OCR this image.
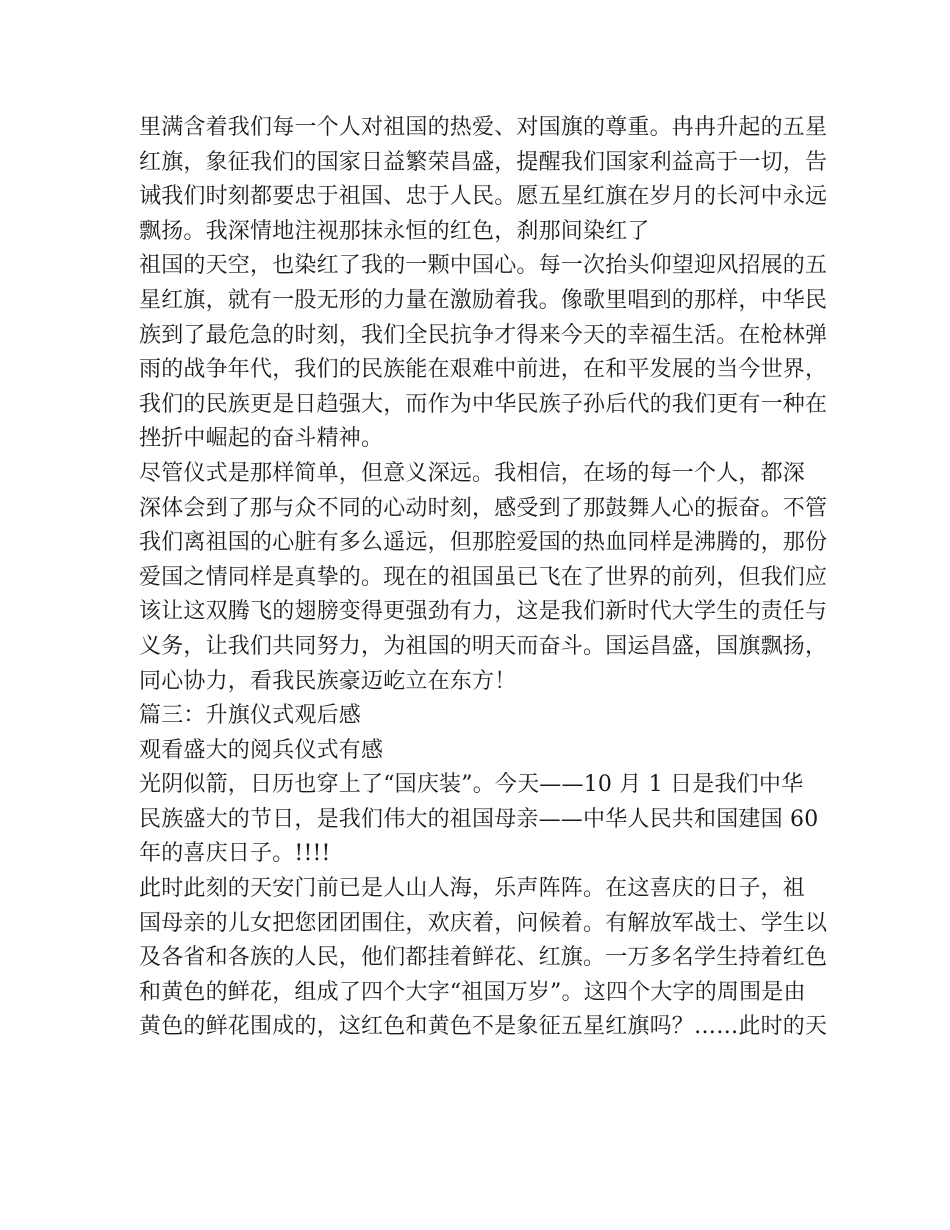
里满含着我们每一个人对祖国的热爱、对国旗的尊重。冉冉升起的五星
红旗，象征我们的国家日益繁荣昌盛，提醒我们国家利益高于一切，告
诫我们时刻都要忠于祖国、忠于人民。愿五星红旗在岁月的长河中永远
飘扬。我深情地注视那抹永恒的红色，刹那间染红了
祖国的天空，也染红了我的一颗中国心。每一次抬头仰望迎风招展的五
星红旗，就有一股无形的力量在激励着我。像歌里唱到的那样，中华民
族到了最危急的时刻，我们全民抗争才得来今天的幸福生活。在枪林弹
雨的战争年代，我们的民族能在艰难中前进，在和平发展的当今世界，
我们的民族更是日趋强大，而作为中华民族子孙后代的我们更有一种在
挫折中崛起的奋斗精神。
尽管仪式是那样简单，但意义深远。我相信，在场的每一个人，都深
深体会到了那与众不同的心动时刻，感受到了那鼓舞人心的振奋。不管
我们离祖国的心脏有多么遥远，但那腔爱国的热血同样是沸腾的，那份
爱国之情同样是真挚的。现在的祖国虽已飞在了世界的前列，但我们应
该让这双腾飞的翅膀变得更强劲有力，这是我们新时代大学生的责任与
义务，让我们共同努力，为祖国的明天而奋斗。国运昌盛，国旗飘扬，
同心协力，看我民族豪迈屹立在东方！
篇三：升旗仪式观后感
观看盛大的阅兵仪式有感
光阴似箭，日历也穿上了“国庆装”。今天——10 月 1 日是我们中华
民族盛大的节日，是我们伟大的祖国母亲——中华人民共和国建国 60
年的喜庆日子。!!!!
此时此刻的天安门前已是人山人海，乐声阵阵。在这喜庆的日子，祖
国母亲的儿女把您团团围住，欢庆着，问候着。有解放军战士、学生以
及各省和各族的人民，他们都挂着鲜花、红旗。一万多名学生持着红色
和黄色的鲜花，组成了四个大字“祖国万岁”。这四个大字的周围是由
黄色的鲜花围成的，这红色和黄色不是象征五星红旗吗？……此时的天
